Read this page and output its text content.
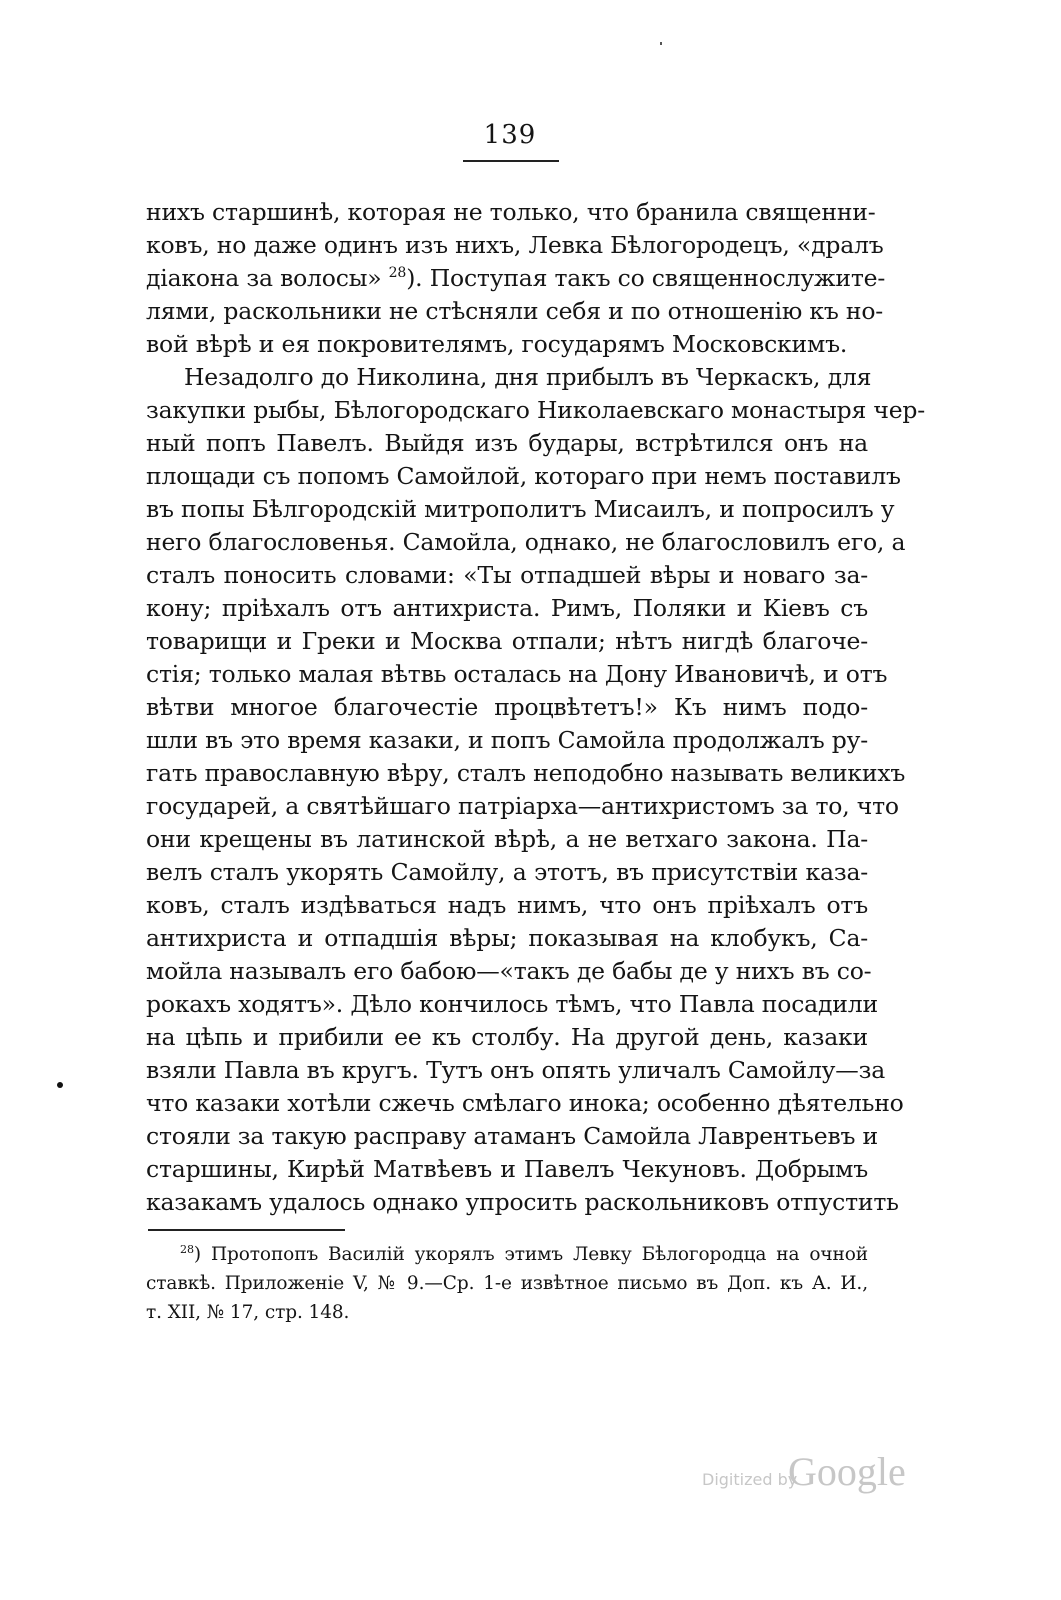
139
нихъ старшинѣ, которая не только, что бранила священни-
ковъ, но даже одинъ изъ нихъ, Левка Бѣлогородецъ, «дралъ
діакона за волосы» $^{28}$). Поступая такъ со священнослужите-
лями, раскольники не стѣсняли себя и по отношенію къ но-
вой вѣрѣ и ея покровителямъ, государямъ Московскимъ.
Незадолго до Николина, дня прибылъ въ Черкаскъ, для
закупки рыбы, Бѣлогородскаго Николаевскаго монастыря чер-
ный попъ Павелъ. Выйдя изъ будары, встрѣтился онъ на
площади съ попомъ Самойлой, котораго при немъ поставилъ
въ попы Бѣлгородскій митрополитъ Мисаилъ, и попросилъ у
него благословенья. Самойла, однако, не благословилъ его, а
сталъ поносить словами: «Ты отпадшей вѣры и новаго за-
кону; пріѣхалъ отъ антихриста. Римъ, Поляки и Кіевъ съ
товарищи и Греки и Москва отпали; нѣтъ нигдѣ благоче-
стія; только малая вѣтвь осталась на Дону Ивановичѣ, и отъ
вѣтви многое благочестіе процвѣтетъ!» Къ нимъ подо-
шли въ это время казаки, и попъ Самойла продолжалъ ру-
гать православную вѣру, сталъ неподобно называть великихъ
государей, а святѣйшаго патріарха—антихристомъ за то, что
они крещены въ латинской вѣрѣ, а не ветхаго закона. Па-
велъ сталъ укорять Самойлу, а этотъ, въ присутствіи каза-
ковъ, сталъ издѣваться надъ нимъ, что онъ пріѣхалъ отъ
антихриста и отпадшія вѣры; показывая на клобукъ, Са-
мойла называлъ его бабою—«такъ де бабы де у нихъ въ со-
рокахъ ходятъ». Дѣло кончилось тѣмъ, что Павла посадили
на цѣпь и прибили ее къ столбу. На другой день, казаки
взяли Павла въ кругъ. Тутъ онъ опять уличалъ Самойлу—за
что казаки хотѣли сжечь смѣлаго инока; особенно дѣятельно
стояли за такую расправу атаманъ Самойла Лаврентьевъ и
старшины, Кирѣй Матвѣевъ и Павелъ Чекуновъ. Добрымъ
казакамъ удалось однако упросить раскольниковъ отпустить
$^{28}$) Протопопъ Василій укорялъ этимъ Левку Бѣлогородца на очной
ставкѣ. Приложеніе V, № 9.—Ср. 1-е извѣтное письмо въ Доп. къ А. И.,
т. XII, № 17, стр. 148.
Digitized by
Google
